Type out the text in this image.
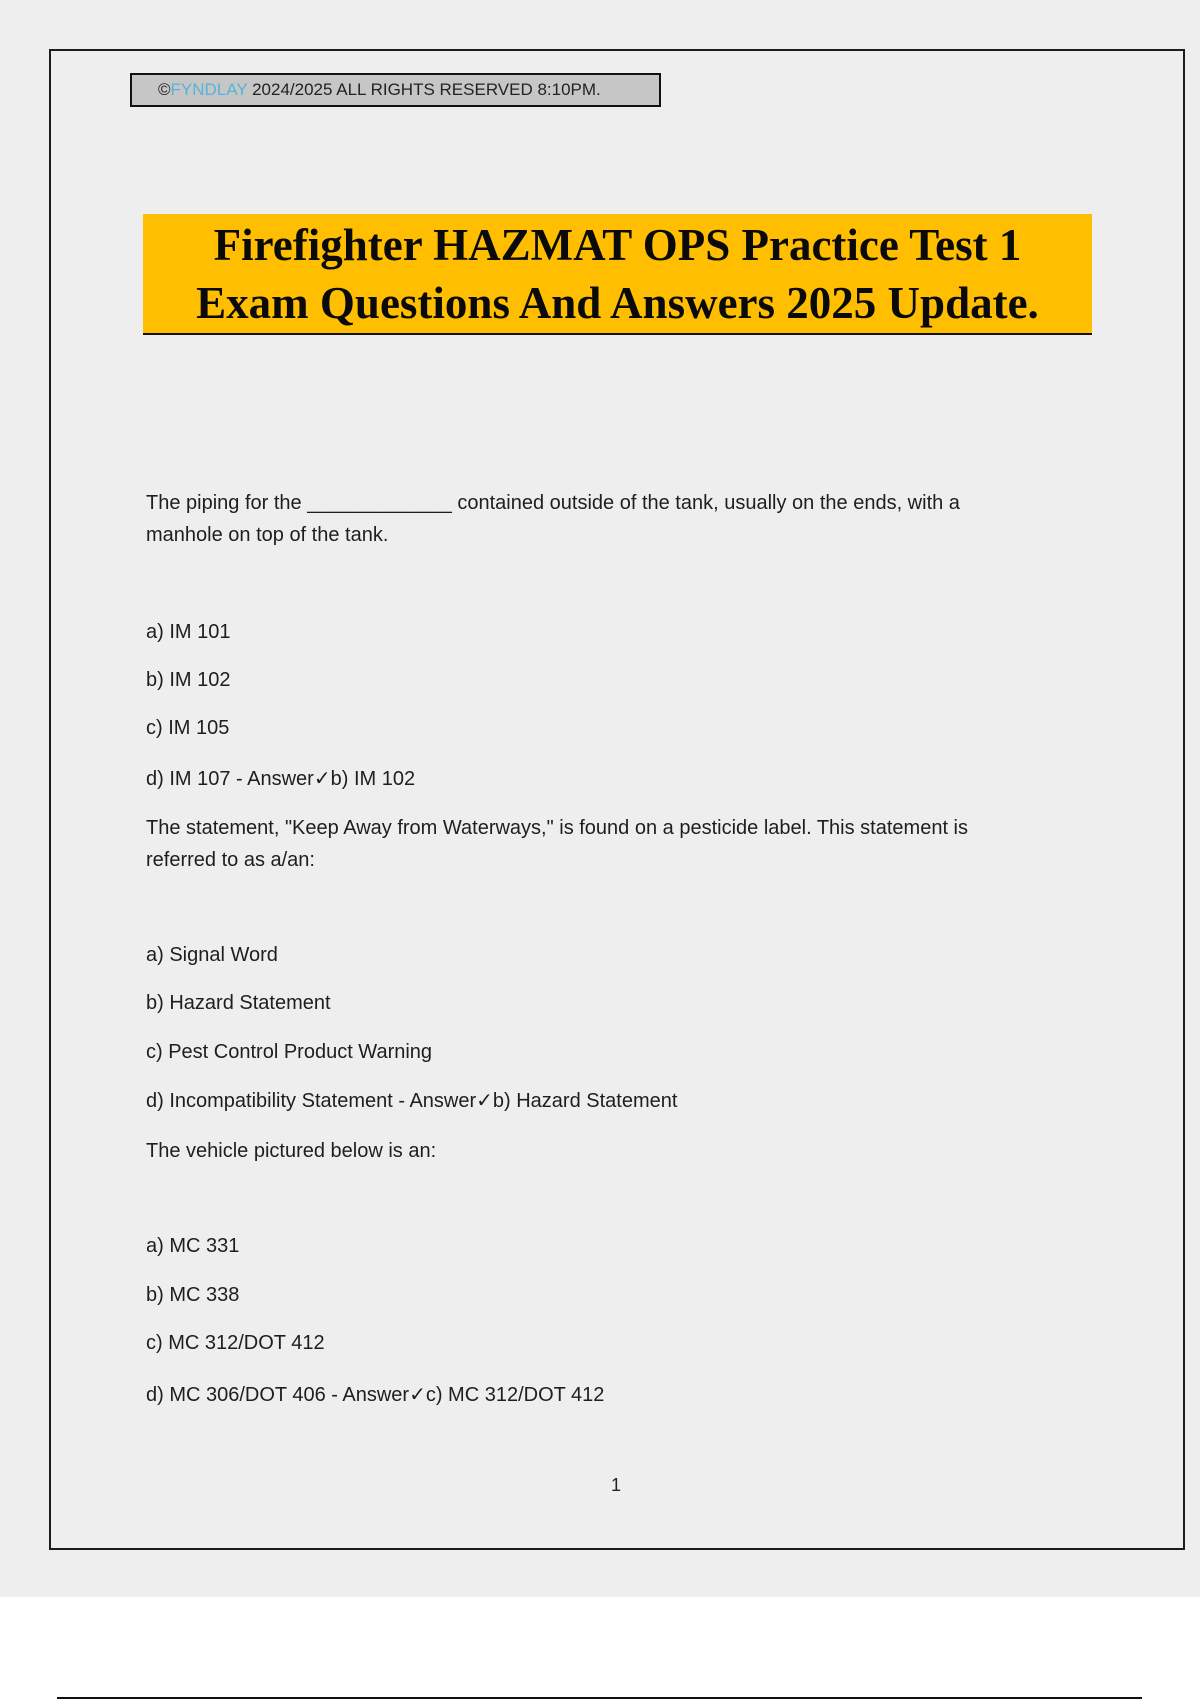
©FYNDLAY 2024/2025 ALL RIGHTS RESERVED 8:10PM.
Firefighter HAZMAT OPS Practice Test 1
Exam Questions And Answers 2025 Update.
The piping for the _____________ contained outside of the tank, usually on the ends, with a
manhole on top of the tank.
a) IM 101
b) IM 102
c) IM 105
d) IM 107 - Answer✓b) IM 102
The statement, "Keep Away from Waterways," is found on a pesticide label. This statement is
referred to as a/an:
a) Signal Word
b) Hazard Statement
c) Pest Control Product Warning
d) Incompatibility Statement - Answer✓b) Hazard Statement
The vehicle pictured below is an:
a) MC 331
b) MC 338
c) MC 312/DOT 412
d) MC 306/DOT 406 - Answer✓c) MC 312/DOT 412
1
